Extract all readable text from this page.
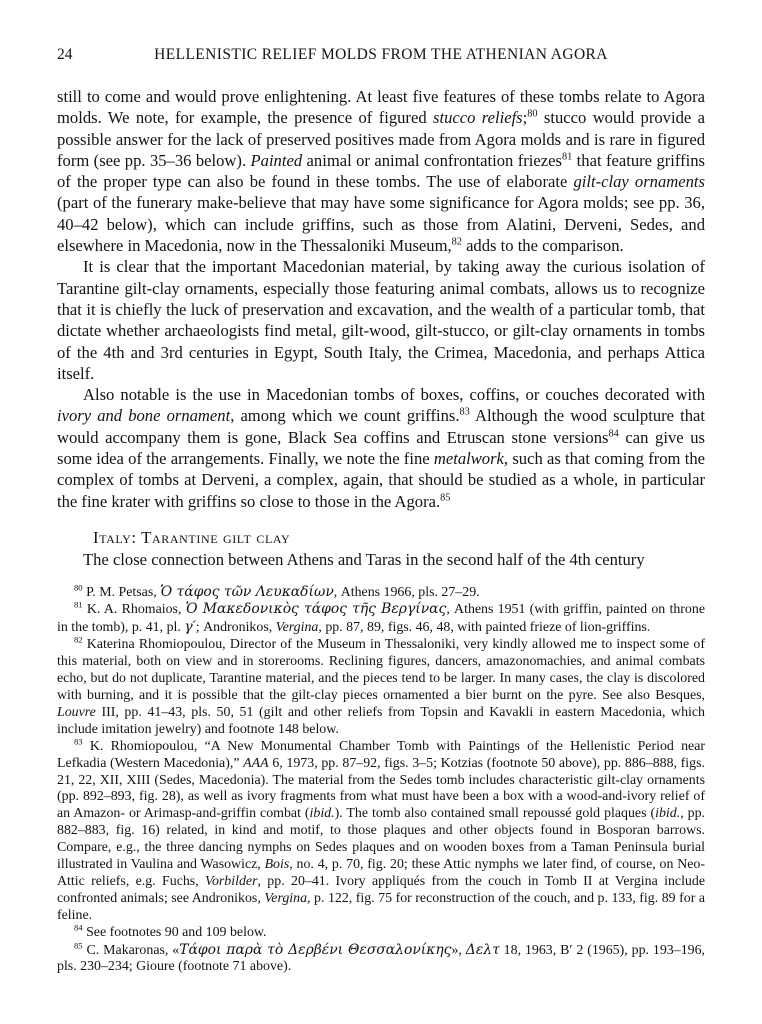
24	HELLENISTIC RELIEF MOLDS FROM THE ATHENIAN AGORA

still to come and would prove enlightening. At least five features of these tombs relate to Agora molds. We note, for example, the presence of figured stucco reliefs;$^{80}$ stucco would provide a possible answer for the lack of preserved positives made from Agora molds and is rare in figured form (see pp. 35–36 below). Painted animal or animal confrontation friezes$^{81}$ that feature griffins of the proper type can also be found in these tombs. The use of elaborate gilt-clay ornaments (part of the funerary make-believe that may have some significance for Agora molds; see pp. 36, 40–42 below), which can include griffins, such as those from Alatini, Derveni, Sedes, and elsewhere in Macedonia, now in the Thessaloniki Museum,$^{82}$ adds to the comparison.

It is clear that the important Macedonian material, by taking away the curious isolation of Tarantine gilt-clay ornaments, especially those featuring animal combats, allows us to recognize that it is chiefly the luck of preservation and excavation, and the wealth of a particular tomb, that dictate whether archaeologists find metal, gilt-wood, gilt-stucco, or gilt-clay ornaments in tombs of the 4th and 3rd centuries in Egypt, South Italy, the Crimea, Macedonia, and perhaps Attica itself.

Also notable is the use in Macedonian tombs of boxes, coffins, or couches decorated with ivory and bone ornament, among which we count griffins.$^{83}$ Although the wood sculpture that would accompany them is gone, Black Sea coffins and Etruscan stone versions$^{84}$ can give us some idea of the arrangements. Finally, we note the fine metalwork, such as that coming from the complex of tombs at Derveni, a complex, again, that should be studied as a whole, in particular the fine krater with griffins so close to those in the Agora.$^{85}$

Italy: Tarantine gilt clay

The close connection between Athens and Taras in the second half of the 4th century

$^{80}$ P. M. Petsas, Ὁ τάφος τῶν Λευκαδίων, Athens 1966, pls. 27–29.

$^{81}$ K. A. Rhomaios, Ὁ Μακεδονικὸς τάφος τῆς Βεργίνας, Athens 1951 (with griffin, painted on throne in the tomb), p. 41, pl. γ′; Andronikos, Vergina, pp. 87, 89, figs. 46, 48, with painted frieze of lion-griffins.

$^{82}$ Katerina Rhomiopoulou, Director of the Museum in Thessaloniki, very kindly allowed me to inspect some of this material, both on view and in storerooms. Reclining figures, dancers, amazonomachies, and animal combats echo, but do not duplicate, Tarantine material, and the pieces tend to be larger. In many cases, the clay is discolored with burning, and it is possible that the gilt-clay pieces ornamented a bier burnt on the pyre. See also Besques, Louvre III, pp. 41–43, pls. 50, 51 (gilt and other reliefs from Topsin and Kavakli in eastern Macedonia, which include imitation jewelry) and footnote 148 below.

$^{83}$ K. Rhomiopoulou, “A New Monumental Chamber Tomb with Paintings of the Hellenistic Period near Lefkadia (Western Macedonia),” AAA 6, 1973, pp. 87–92, figs. 3–5; Kotzias (footnote 50 above), pp. 886–888, figs. 21, 22, XII, XIII (Sedes, Macedonia). The material from the Sedes tomb includes characteristic gilt-clay ornaments (pp. 892–893, fig. 28), as well as ivory fragments from what must have been a box with a wood-and-ivory relief of an Amazon- or Arimasp-and-griffin combat (ibid.). The tomb also contained small repoussé gold plaques (ibid., pp. 882–883, fig. 16) related, in kind and motif, to those plaques and other objects found in Bosporan barrows. Compare, e.g., the three dancing nymphs on Sedes plaques and on wooden boxes from a Taman Peninsula burial illustrated in Vaulina and Wasowicz, Bois, no. 4, p. 70, fig. 20; these Attic nymphs we later find, of course, on Neo-Attic reliefs, e.g. Fuchs, Vorbilder, pp. 20–41. Ivory appliqués from the couch in Tomb II at Vergina include confronted animals; see Andronikos, Vergina, p. 122, fig. 75 for reconstruction of the couch, and p. 133, fig. 89 for a feline.

$^{84}$ See footnotes 90 and 109 below.

$^{85}$ C. Makaronas, «Τάφοι παρὰ τὸ Δερβένι Θεσσαλονίκης», Δελτ 18, 1963, Β′ 2 (1965), pp. 193–196, pls. 230–234; Gioure (footnote 71 above).
